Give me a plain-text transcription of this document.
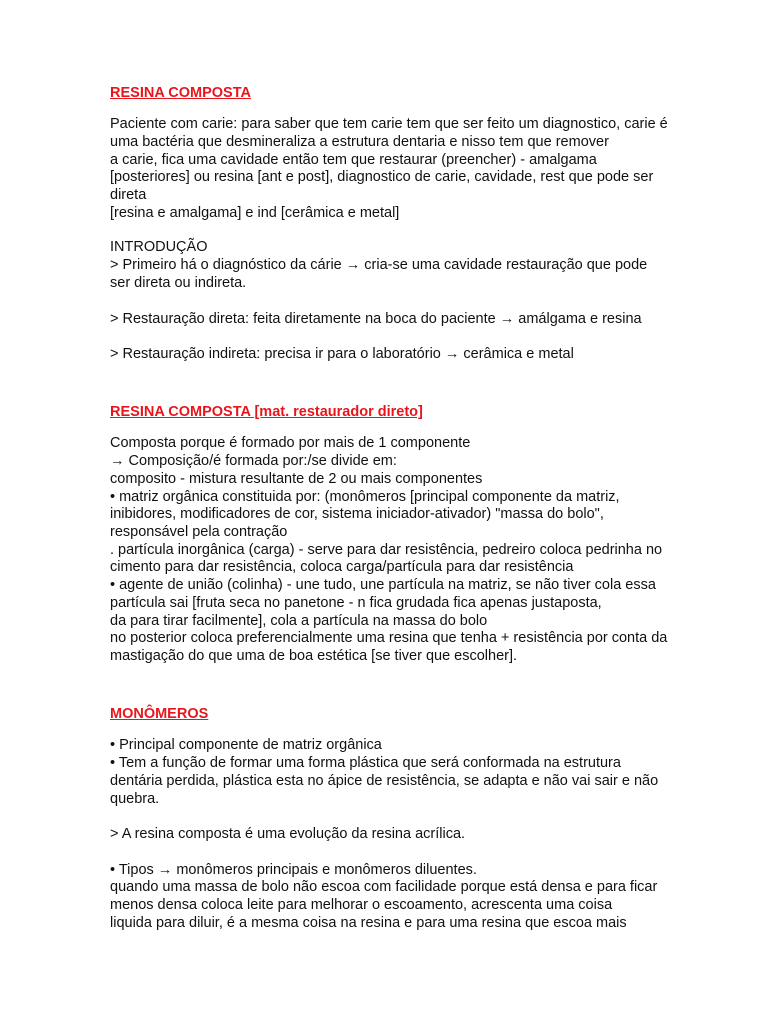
RESINA COMPOSTA
Paciente com carie: para saber que tem carie tem que ser feito um diagnostico, carie é
uma bactéria que desmineraliza a estrutura dentaria e nisso tem que remover
a carie, fica uma cavidade então tem que restaurar (preencher) - amalgama
[posteriores] ou resina [ant e post], diagnostico de carie, cavidade, rest que pode ser
direta
[resina e amalgama] e ind [cerâmica e metal]
INTRODUÇÃO
> Primeiro há o diagnóstico da cárie → cria-se uma cavidade restauração que pode
ser direta ou indireta.
> Restauração direta: feita diretamente na boca do paciente → amálgama e resina
> Restauração indireta: precisa ir para o laboratório → cerâmica e metal
RESINA COMPOSTA [mat. restaurador direto]
Composta porque é formado por mais de 1 componente
→ Composição/é formada por:/se divide em:
composito - mistura resultante de 2 ou mais componentes
• matriz orgânica constituida por: (monômeros [principal componente da matriz,
inibidores, modificadores de cor, sistema iniciador-ativador) "massa do bolo",
responsável pela contração
. partícula inorgânica (carga) - serve para dar resistência, pedreiro coloca pedrinha no
cimento para dar resistência, coloca carga/partícula para dar resistência
• agente de união (colinha) - une tudo, une partícula na matriz, se não tiver cola essa
partícula sai [fruta seca no panetone - n fica grudada fica apenas justaposta,
da para tirar facilmente], cola a partícula na massa do bolo
no posterior coloca preferencialmente uma resina que tenha + resistência por conta da
mastigação do que uma de boa estética [se tiver que escolher].
MONÔMEROS
• Principal componente de matriz orgânica
• Tem a função de formar uma forma plástica que será conformada na estrutura
dentária perdida, plástica esta no ápice de resistência, se adapta e não vai sair e não
quebra.
> A resina composta é uma evolução da resina acrílica.
• Tipos → monômeros principais e monômeros diluentes.
quando uma massa de bolo não escoa com facilidade porque está densa e para ficar
menos densa coloca leite para melhorar o escoamento, acrescenta uma coisa
liquida para diluir, é a mesma coisa na resina e para uma resina que escoa mais
